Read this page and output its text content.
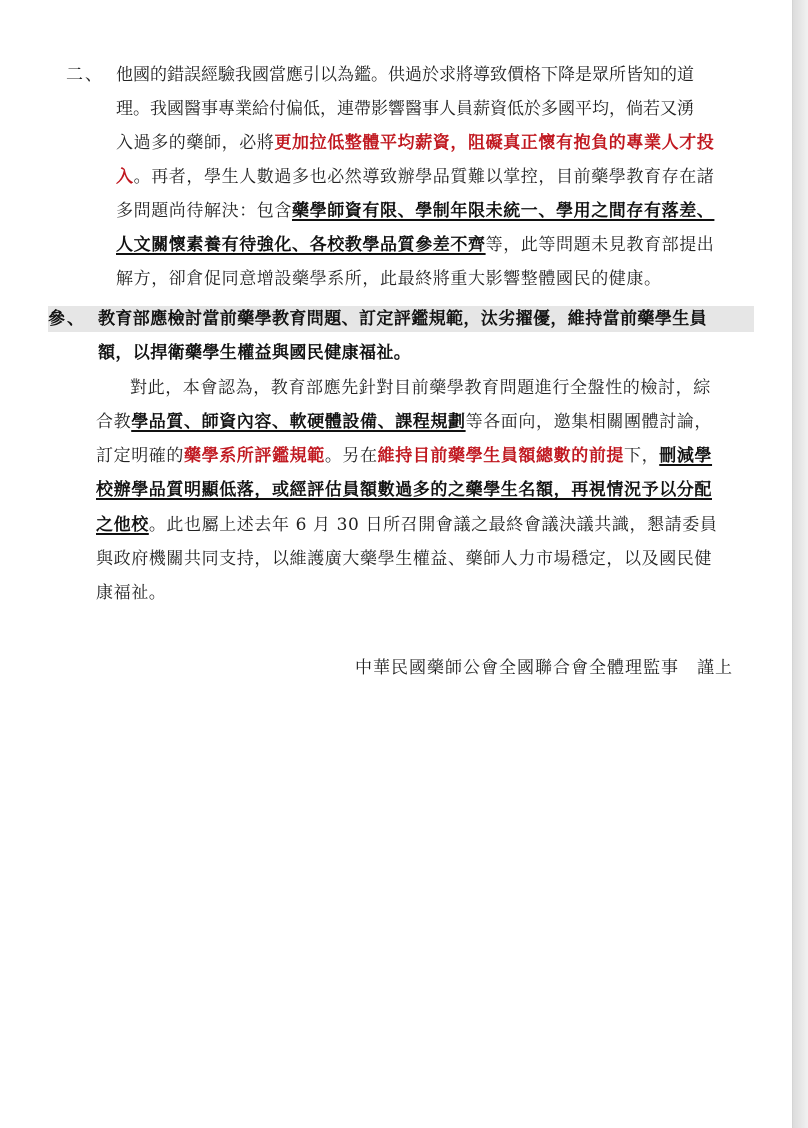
二、 他國的錯誤經驗我國當應引以為鑑。供過於求將導致價格下降是眾所皆知的道
理。我國醫事專業給付偏低，連帶影響醫事人員薪資低於多國平均，倘若又湧
入過多的藥師，必將更加拉低整體平均薪資，阻礙真正懷有抱負的專業人才投
入。再者，學生人數過多也必然導致辦學品質難以掌控，目前藥學教育存在諸
多問題尚待解決：包含藥學師資有限、學制年限未統一、學用之間存有落差、
人文關懷素養有待強化、各校教學品質參差不齊等，此等問題未見教育部提出
解方，卻倉促同意增設藥學系所，此最終將重大影響整體國民的健康。
參、 教育部應檢討當前藥學教育問題、訂定評鑑規範，汰劣擢優，維持當前藥學生員
額，以捍衛藥學生權益與國民健康福祉。
對此，本會認為，教育部應先針對目前藥學教育問題進行全盤性的檢討，綜
合教學品質、師資內容、軟硬體設備、課程規劃等各面向，邀集相關團體討論，
訂定明確的藥學系所評鑑規範。另在維持目前藥學生員額總數的前提下，刪減學
校辦學品質明顯低落，或經評估員額數過多的之藥學生名額，再視情況予以分配
之他校。此也屬上述去年 6 月 30 日所召開會議之最終會議決議共識，懇請委員
與政府機關共同支持，以維護廣大藥學生權益、藥師人力市場穩定，以及國民健
康福祉。
中華民國藥師公會全國聯合會全體理監事　謹上
